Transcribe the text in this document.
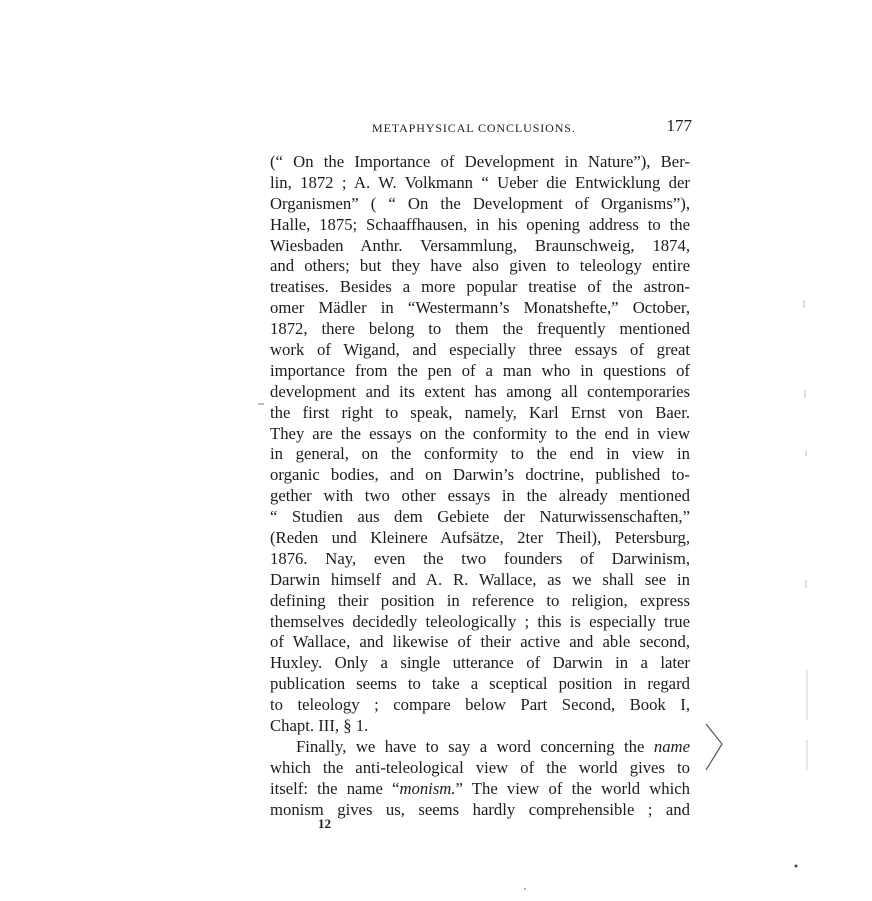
METAPHYSICAL CONCLUSIONS.	177
(“ On the Importance of Development in Nature”), Ber-
lin, 1872 ; A. W. Volkmann “ Ueber die Entwicklung der
Organismen” ( “ On the Development of Organisms”),
Halle, 1875; Schaaffhausen, in his opening address to the
Wiesbaden Anthr. Versammlung, Braunschweig, 1874,
and others; but they have also given to teleology entire
treatises. Besides a more popular treatise of the astron-
omer Mädler in “Westermann’s Monatshefte,” October,
1872, there belong to them the frequently mentioned
work of Wigand, and especially three essays of great
importance from the pen of a man who in questions of
development and its extent has among all contemporaries
the first right to speak, namely, Karl Ernst von Baer.
They are the essays on the conformity to the end in view
in general, on the conformity to the end in view in
organic bodies, and on Darwin’s doctrine, published to-
gether with two other essays in the already mentioned
“ Studien aus dem Gebiete der Naturwissenschaften,”
(Reden und Kleinere Aufsätze, 2ter Theil), Petersburg,
1876. Nay, even the two founders of Darwinism,
Darwin himself and A. R. Wallace, as we shall see in
defining their position in reference to religion, express
themselves decidedly teleologically ; this is especially true
of Wallace, and likewise of their active and able second,
Huxley. Only a single utterance of Darwin in a later
publication seems to take a sceptical position in regard
to teleology ; compare below Part Second, Book I,
Chapt. III, § 1.
Finally, we have to say a word concerning the name
which the anti-teleological view of the world gives to
itself: the name “monism.” The view of the world which
monism gives us, seems hardly comprehensible ; and
12
